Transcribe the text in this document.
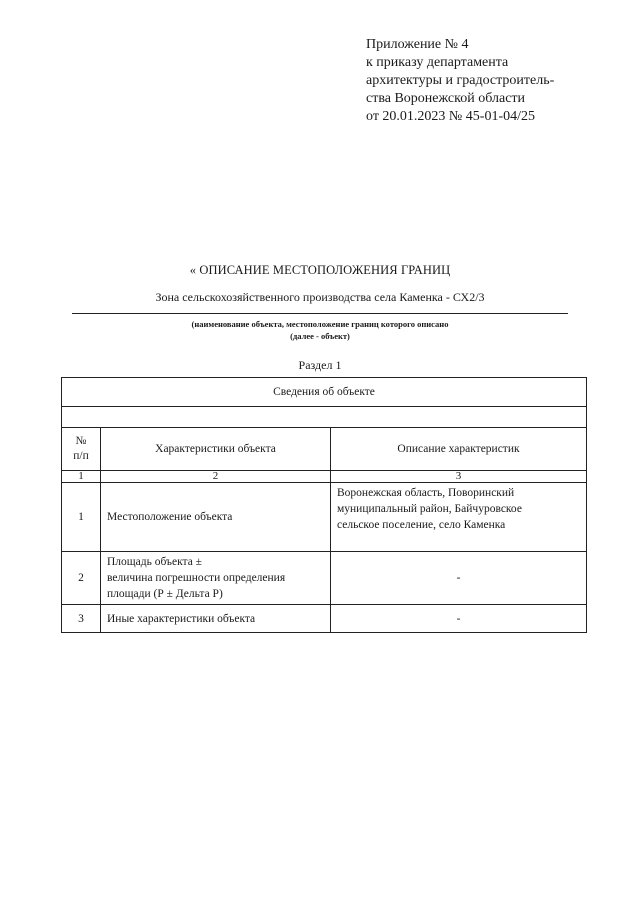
Приложение № 4
к приказу департамента
архитектуры и градостроитель-
ства Воронежской области
от 20.01.2023 № 45-01-04/25
« ОПИСАНИЕ МЕСТОПОЛОЖЕНИЯ ГРАНИЦ
Зона сельскохозяйственного производства села Каменка - СХ2/3
(наименование объекта, местоположение границ которого описано
(далее - объект)
Раздел 1
Сведения об объекте		

№
п/п	Характеристики объекта	Описание характеристик
1	2	3
1	Местоположение объекта	Воронежская область, Поворинский
муниципальный район, Байчуровское
сельское поселение, село Каменка

2	Площадь объекта ±
величина погрешности определения
площади (Р ± Дельта Р)	-
3	Иные характеристики объекта	-
